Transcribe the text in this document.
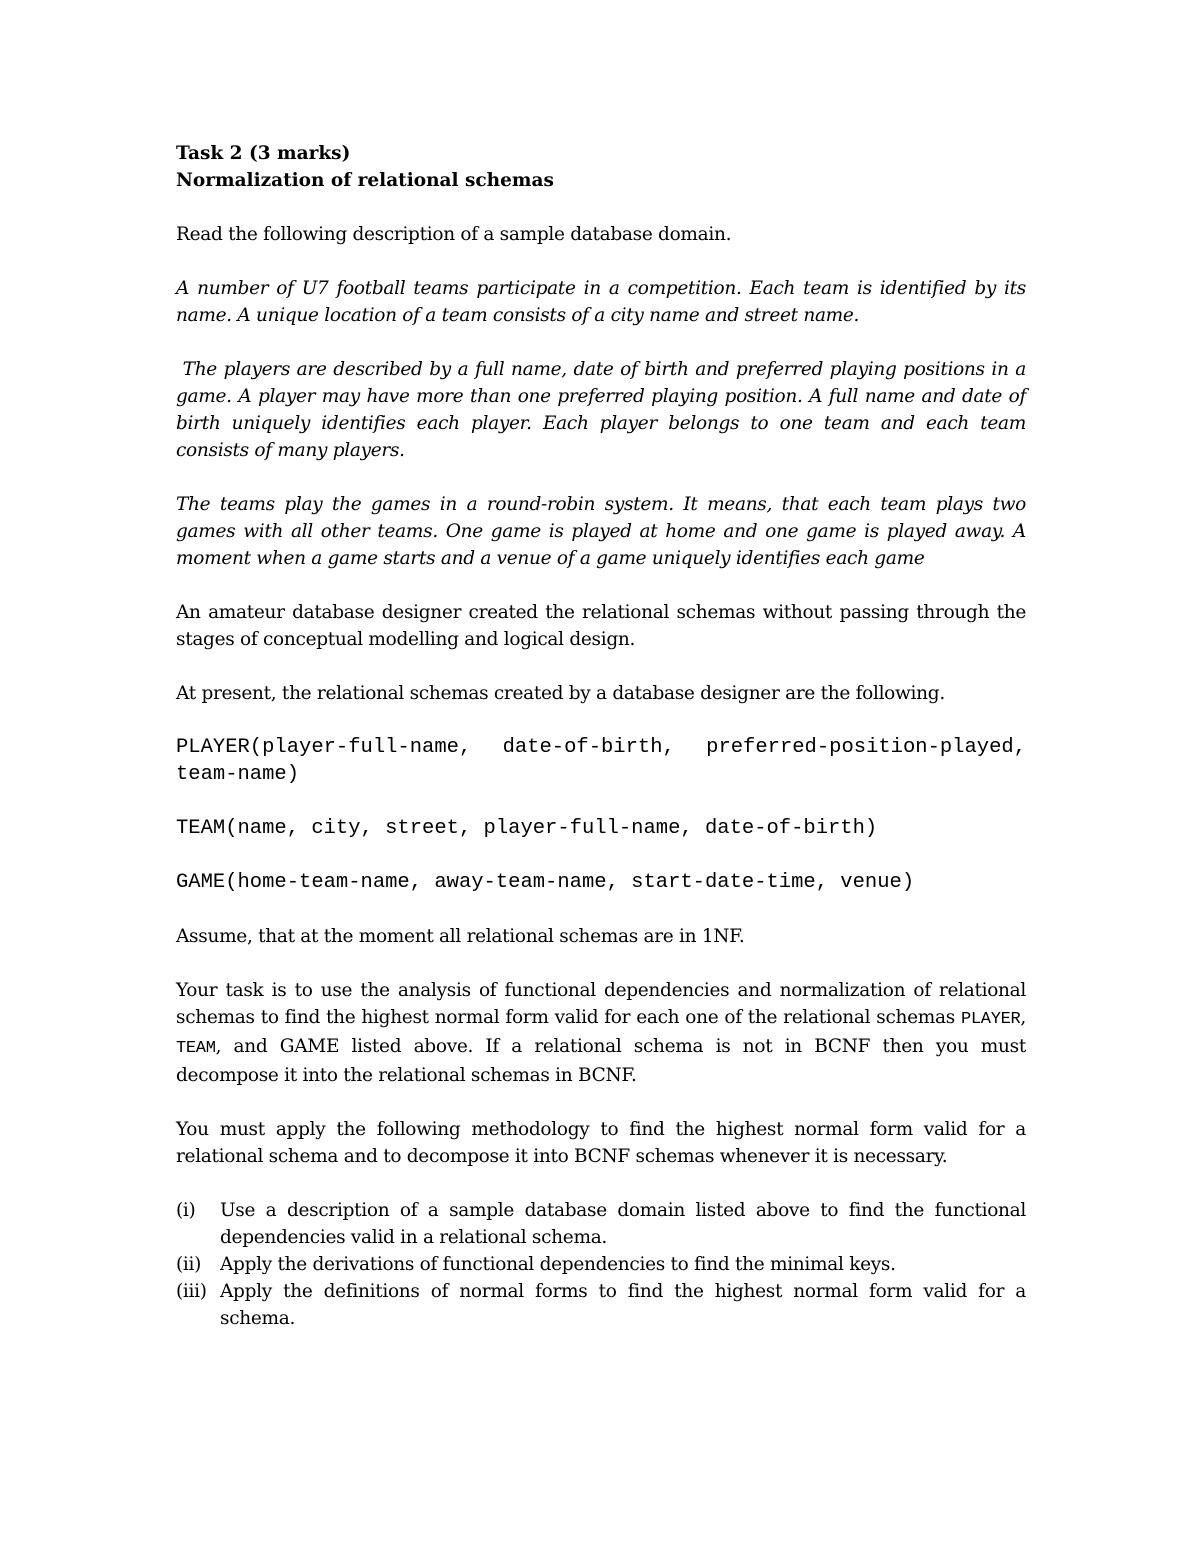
Task 2 (3 marks)

Normalization of relational schemas

Read the following description of a sample database domain.

A number of U7 football teams participate in a competition. Each team is identified by its name. A unique location of a team consists of a city name and street name.

The players are described by a full name, date of birth and preferred playing positions in a game. A player may have more than one preferred playing position. A full name and date of birth uniquely identifies each player. Each player belongs to one team and each team consists of many players.

The teams play the games in a round-robin system. It means, that each team plays two games with all other teams. One game is played at home and one game is played away. A moment when a game starts and a venue of a game uniquely identifies each game

An amateur database designer created the relational schemas without passing through the stages of conceptual modelling and logical design.

At present, the relational schemas created by a database designer are the following.

PLAYER(player-full-name, date-of-birth, preferred-position-played, team-name)

TEAM(name, city, street, player-full-name, date-of-birth)

GAME(home-team-name, away-team-name, start-date-time, venue)

Assume, that at the moment all relational schemas are in 1NF.

Your task is to use the analysis of functional dependencies and normalization of relational schemas to find the highest normal form valid for each one of the relational schemas PLAYER, TEAM, and GAME listed above. If a relational schema is not in BCNF then you must decompose it into the relational schemas in BCNF.

You must apply the following methodology to find the highest normal form valid for a relational schema and to decompose it into BCNF schemas whenever it is necessary.

(i)	Use a description of a sample database domain listed above to find the functional dependencies valid in a relational schema.
(ii)	Apply the derivations of functional dependencies to find the minimal keys.
(iii) Apply the definitions of normal forms to find the highest normal form valid for a schema.
